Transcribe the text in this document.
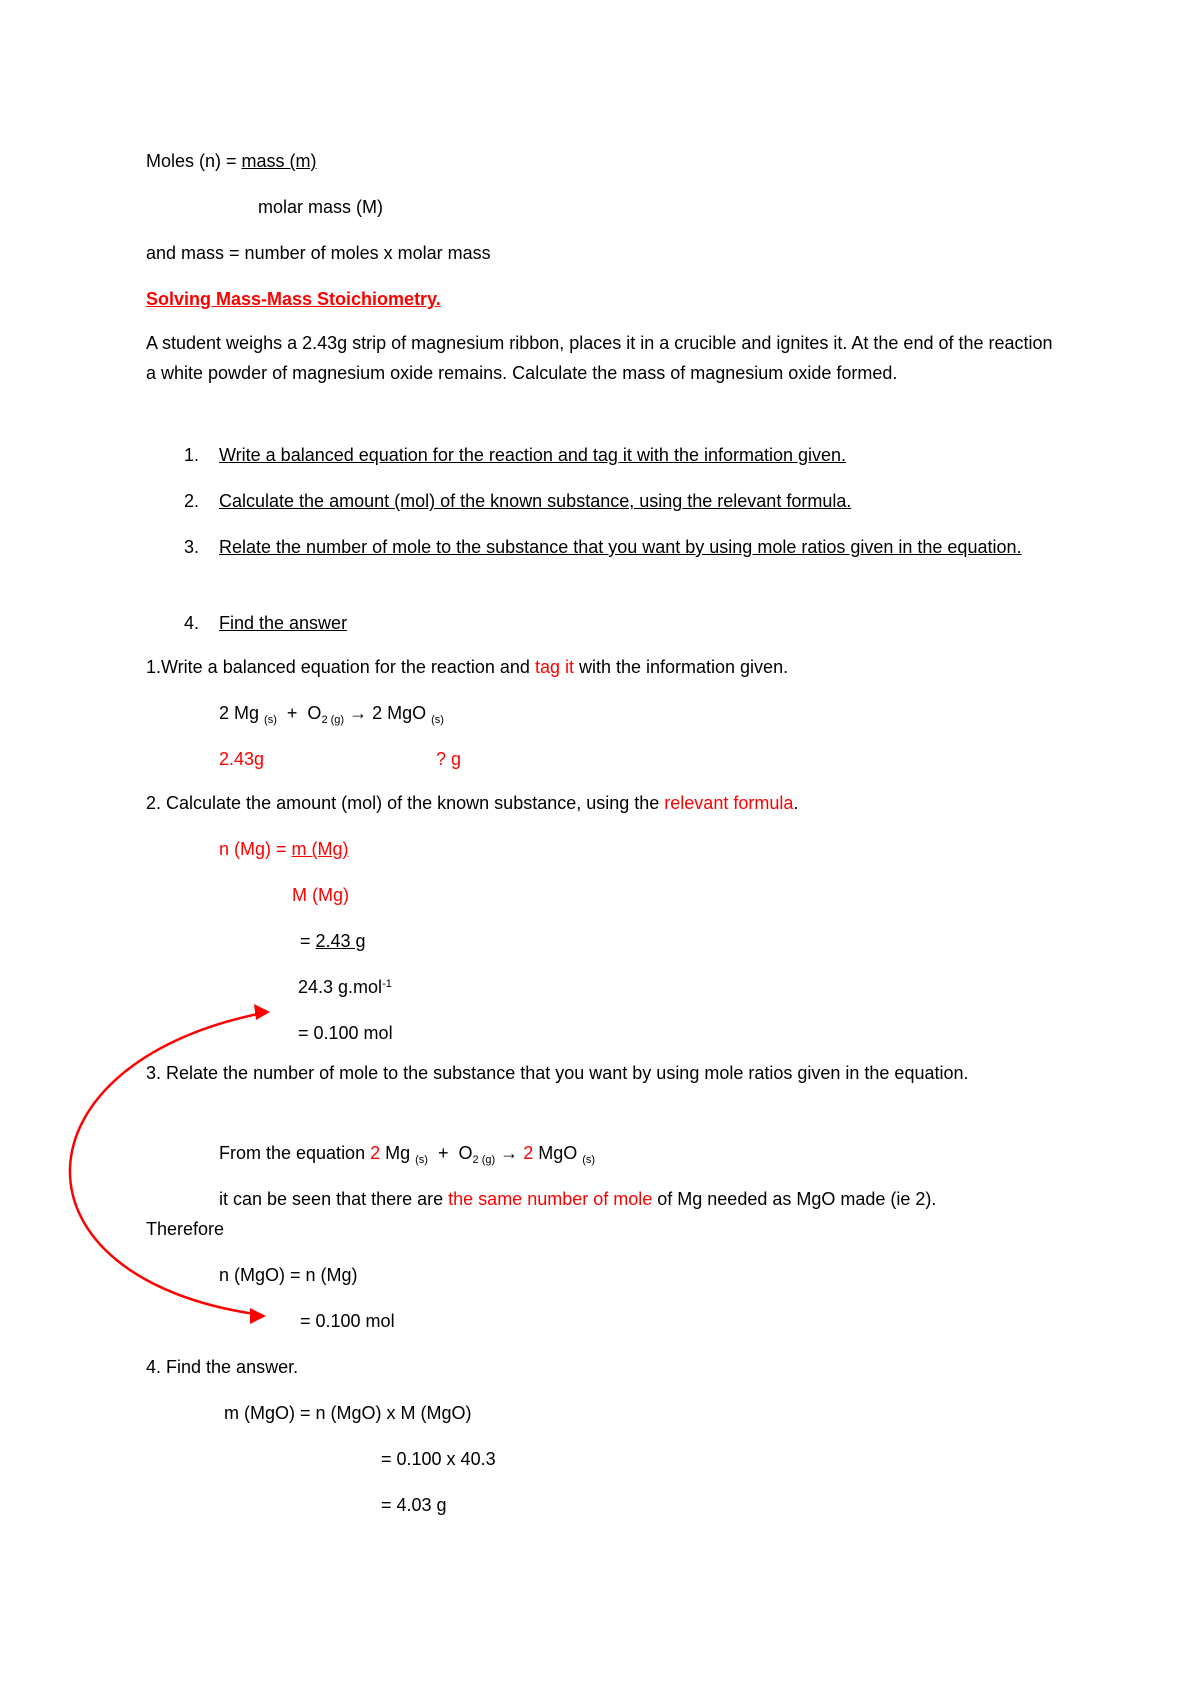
Moles (n) = mass (m)
molar mass (M)
and mass = number of moles x molar mass
Solving Mass-Mass Stoichiometry.
A student weighs a 2.43g strip of magnesium ribbon, places it in a crucible and ignites it. At the end of the reaction a white powder of magnesium oxide remains. Calculate the mass of magnesium oxide formed.
1. Write a balanced equation for the reaction and tag it with the information given.
2. Calculate the amount (mol) of the known substance, using the relevant formula.
3. Relate the number of mole to the substance that you want by using mole ratios given in the equation.
4. Find the answer
1.Write a balanced equation for the reaction and tag it with the information given.
2 Mg $_{(s)} + O_{2 (g)} \to 2$ MgO $_{(s)}$
2.43g	? g
2. Calculate the amount (mol) of the known substance, using the relevant formula.
n (Mg) = m (Mg)
M (Mg)
= 2.43 g
24.3 g.mol$^{-1}$
= 0.100 mol
3. Relate the number of mole to the substance that you want by using mole ratios given in the equation.
From the equation 2 Mg $_{(s)} + O_{2 (g)} \to 2$ MgO $_{(s)}$
it can be seen that there are the same number of mole of Mg needed as MgO made (ie 2).
Therefore
n (MgO) = n (Mg)
= 0.100 mol
4. Find the answer.
m (MgO) = n (MgO) x M (MgO)
= 0.100 x 40.3
= 4.03 g
